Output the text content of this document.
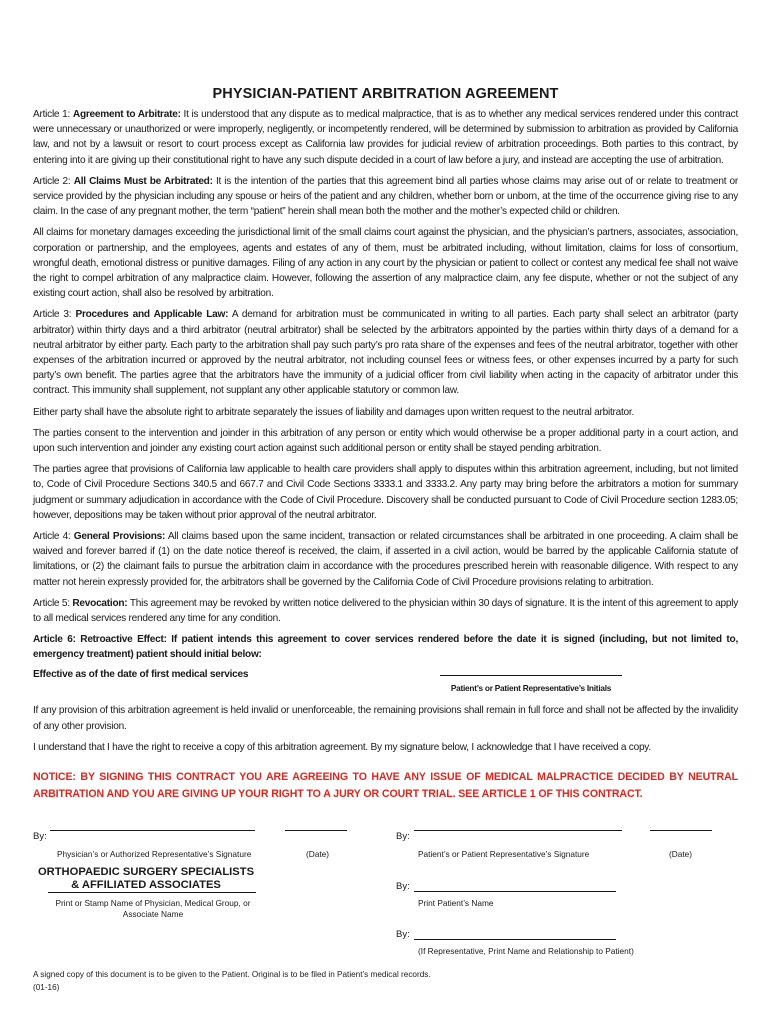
PHYSICIAN-PATIENT ARBITRATION AGREEMENT

Article 1: Agreement to Arbitrate: It is understood that any dispute as to medical malpractice, that is as to whether any medical services rendered under this contract were unnecessary or unauthorized or were improperly, negligently, or incompetently rendered, will be determined by submission to arbitration as provided by California law, and not by a lawsuit or resort to court process except as California law provides for judicial review of arbitration proceedings. Both parties to this contract, by entering into it are giving up their constitutional right to have any such dispute decided in a court of law before a jury, and instead are accepting the use of arbitration.

Article 2: All Claims Must be Arbitrated: It is the intention of the parties that this agreement bind all parties whose claims may arise out of or relate to treatment or service provided by the physician including any spouse or heirs of the patient and any children, whether born or unborn, at the time of the occurrence giving rise to any claim. In the case of any pregnant mother, the term “patient” herein shall mean both the mother and the mother’s expected child or children.

All claims for monetary damages exceeding the jurisdictional limit of the small claims court against the physician, and the physician’s partners, associates, association, corporation or partnership, and the employees, agents and estates of any of them, must be arbitrated including, without limitation, claims for loss of consortium, wrongful death, emotional distress or punitive damages. Filing of any action in any court by the physician or patient to collect or contest any medical fee shall not waive the right to compel arbitration of any malpractice claim. However, following the assertion of any malpractice claim, any fee dispute, whether or not the subject of any existing court action, shall also be resolved by arbitration.

Article 3: Procedures and Applicable Law: A demand for arbitration must be communicated in writing to all parties. Each party shall select an arbitrator (party arbitrator) within thirty days and a third arbitrator (neutral arbitrator) shall be selected by the arbitrators appointed by the parties within thirty days of a demand for a neutral arbitrator by either party. Each party to the arbitration shall pay such party’s pro rata share of the expenses and fees of the neutral arbitrator, together with other expenses of the arbitration incurred or approved by the neutral arbitrator, not including counsel fees or witness fees, or other expenses incurred by a party for such party’s own benefit. The parties agree that the arbitrators have the immunity of a judicial officer from civil liability when acting in the capacity of arbitrator under this contract. This immunity shall supplement, not supplant any other applicable statutory or common law.

Either party shall have the absolute right to arbitrate separately the issues of liability and damages upon written request to the neutral arbitrator.

The parties consent to the intervention and joinder in this arbitration of any person or entity which would otherwise be a proper additional party in a court action, and upon such intervention and joinder any existing court action against such additional person or entity shall be stayed pending arbitration.

The parties agree that provisions of California law applicable to health care providers shall apply to disputes within this arbitration agreement, including, but not limited to, Code of Civil Procedure Sections 340.5 and 667.7 and Civil Code Sections 3333.1 and 3333.2. Any party may bring before the arbitrators a motion for summary judgment or summary adjudication in accordance with the Code of Civil Procedure. Discovery shall be conducted pursuant to Code of Civil Procedure section 1283.05; however, depositions may be taken without prior approval of the neutral arbitrator.

Article 4: General Provisions: All claims based upon the same incident, transaction or related circumstances shall be arbitrated in one proceeding. A claim shall be waived and forever barred if (1) on the date notice thereof is received, the claim, if asserted in a civil action, would be barred by the applicable California statute of limitations, or (2) the claimant fails to pursue the arbitration claim in accordance with the procedures prescribed herein with reasonable diligence. With respect to any matter not herein expressly provided for, the arbitrators shall be governed by the California Code of Civil Procedure provisions relating to arbitration.

Article 5: Revocation: This agreement may be revoked by written notice delivered to the physician within 30 days of signature. It is the intent of this agreement to apply to all medical services rendered any time for any condition.

Article 6: Retroactive Effect: If patient intends this agreement to cover services rendered before the date it is signed (including, but not limited to, emergency treatment) patient should initial below:

Effective as of the date of first medical services
Patient’s or Patient Representative’s Initials

If any provision of this arbitration agreement is held invalid or unenforceable, the remaining provisions shall remain in full force and shall not be affected by the invalidity of any other provision.

I understand that I have the right to receive a copy of this arbitration agreement. By my signature below, I acknowledge that I have received a copy.

NOTICE: BY SIGNING THIS CONTRACT YOU ARE AGREEING TO HAVE ANY ISSUE OF MEDICAL MALPRACTICE DECIDED BY NEUTRAL ARBITRATION AND YOU ARE GIVING UP YOUR RIGHT TO A JURY OR COURT TRIAL. SEE ARTICLE 1 OF THIS CONTRACT.

By:
Physician’s or Authorized Representative’s Signature	(Date)
By:
Patient’s or Patient Representative’s Signature	(Date)
ORTHOPAEDIC SURGERY SPECIALISTS
& AFFILIATED ASSOCIATES
Print or Stamp Name of Physician, Medical Group, or
Associate Name
By:
Print Patient’s Name
By:
(If Representative, Print Name and Relationship to Patient)
A signed copy of this document is to be given to the Patient. Original is to be filed in Patient’s medical records.
(01-16)
